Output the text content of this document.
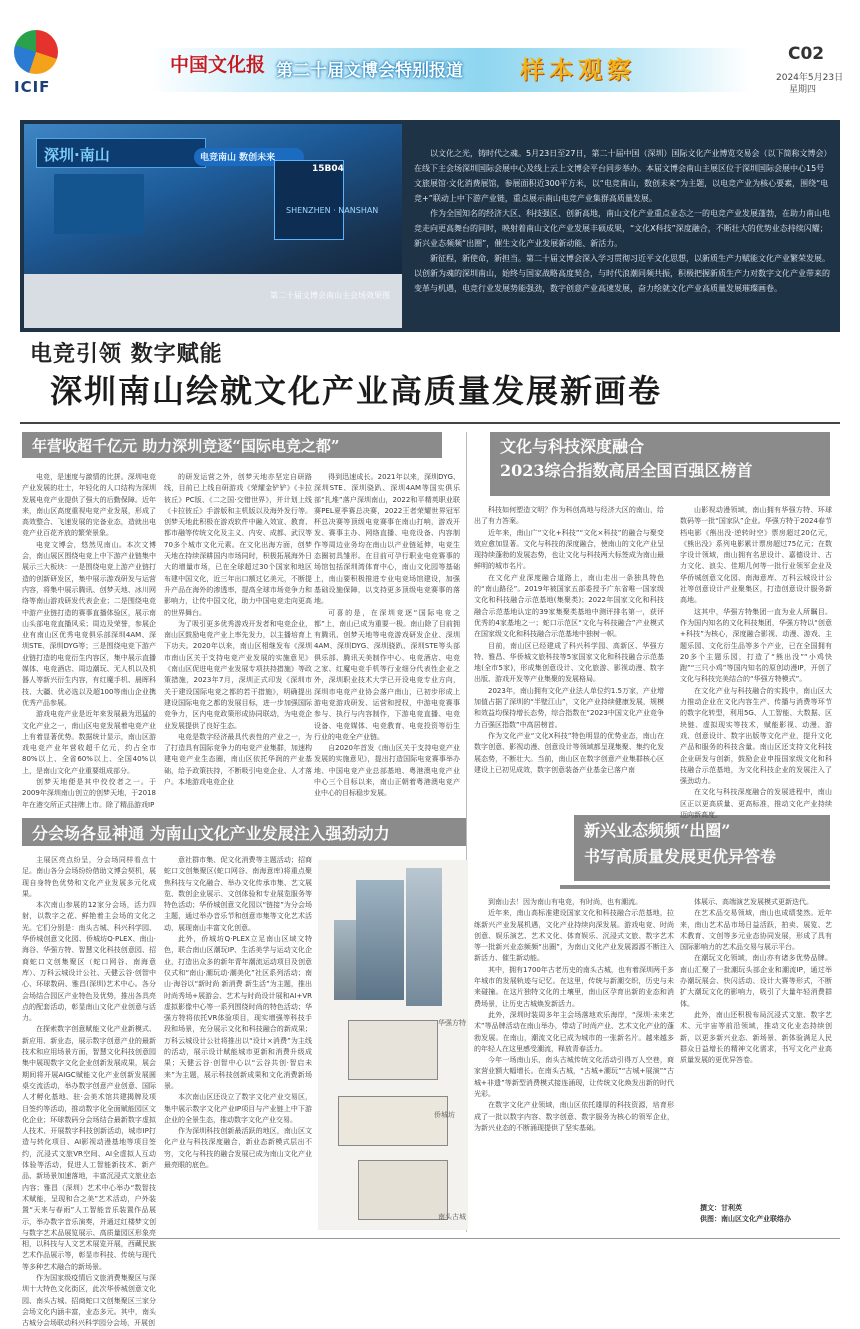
ICIF
中国文化报 第二十届文博会特别报道 样本观察
C02
2024年5月23日
星期四
深圳·南山	电竞南山 数创未来
15B04
SHENZHEN · NANSHAN
第二十届文博会南山主会场效果图

以文化之光，铸时代之魂。5月23日至27日，第二十届中国（深圳）国际文化产业博览交易会（以下简称文博会）在线下主会场深圳国际会展中心及线上云上文博会平台同步举办。本届文博会南山主展区位于深圳国际会展中心15号文旅展馆·文化消费展馆，参展面积近300平方米，以“电竞南山，数创未来”为主题，以电竞产业为核心要素，围绕“电竞+”联动上中下游产业链，重点展示南山电竞产业集群高质量发展。

作为全国知名的经济大区、科技强区、创新高地，南山文化产业重点业态之一的电竞产业发展蓬勃，在助力南山电竞走向更高舞台的同时，映射着南山文化产业发展丰硕成果，“文化X科技”深度融合，不断壮大的优势业态持续闪耀；新兴业态频频“出圈”，催生文化产业发展新动能、新活力。

新征程，新使命，新担当。第二十届文博会深入学习贯彻习近平文化思想，以新质生产力赋能文化产业繁荣发展。以创新为魂的深圳南山，始终与国家战略高度契合，与时代浪潮同频共振，积极把握新质生产力对数字文化产业带来的变革与机遇，电竞行业发展势能强劲，数字创意产业高速发展，奋力绘就文化产业高质量发展璀璨画卷。

电竞引领 数字赋能
深圳南山绘就文化产业高质量发展新画卷
年营收超千亿元 助力深圳竞逐“国际电竞之都”
分会场各显神通 为南山文化产业发展注入强劲动力
文化与科技深度融合
2023综合指数高居全国百强区榜首
新兴业态频频“出圈”
书写高质量发展更优异答卷

电竞，是速度与激情的比拼。深圳电竞产业发展的壮士，年轻化的人口结构为深圳发展电竞产业提供了强大的后勤保障。近年来，南山区高度重视电竞产业发展，形成了高效整合、飞速发展的完备业态，造就出电竞产业百花齐放的繁荣景象。

电竞文博会，悠然见南山。本次文博会，南山展区围绕电竞上中下游产业链集中展示三大板块：一是围绕电竞上游产业链打造的创新研发区，集中展示游戏研发与运营内容，将集中展示腾讯、创梦天地、冰川网络等南山游戏研发代表企业；二是围绕电竞中游产业链打造的赛事直播体验区，展示南山头部电竞直播风采；周边及荣誉，参展企业有南山区优秀电竞俱乐部深圳4AM、深圳STE、深圳DYG等；三是围绕电竞下游产业链打造的电竞衍生内容区，集中展示直播媒体、电竞酒店、周边潮玩、无人机以及机器人等新兴衍生内容，有红魔手机、晨晖科技、大疆、优必选以及超100等南山企业携优秀产品参展。

游戏电竞产业是近年来发展最为迅猛的文化产业之一，南山区电竞发展着电竞产业上有着显著优势。数据统计显示，南山区游戏电竞产业年营收超千亿元，约占全市80%以上、全省60%以上、全国40%以上，是南山文化产业重要组成部分。

创梦天地便是其中佼佼者之一。于2009年深圳南山创立的创梦天地，于2018年在港交所正式挂牌上市。除了精品游戏IP

的研发运营之外，创梦天地亦坚定自研路线，目前已上线自研游戏《荣耀金铲铲》《卡拉彼丘》PC版、《二之国·交错世界》，并计划上线《卡拉彼丘》手游版和主机版以及海外发行等。创梦天地此积极在游戏软件中融入效宣、教育、都市融等传统文化及主义、内安、成都、武汉等70多个城市文化元素。在文化出海方面，创梦天地在持续深耕国内市场同时，积极拓展海外日大的增量市场，已在全球超过30个国家和地区布建中国文化，近三年出口额过亿美元，不断提升产品在海外的渗透率，提高全球市场竞争力和影响力，让传中国文化，助力中国电竞走向更高的世界舞台。

为了吸引更多优秀游戏开发者和电竞企业，南山区鼓励电竞产业上率先发力，以主播培育上下功夫。2020年以来，南山区相继发布《深圳市南山区关于支持电竞产业发展的实施意见》《南山区促进电竞产业发展专项扶持措施》等政策措施，2023年7月，深圳正式印发《深圳市关于建设国际电竞之都的若干措施》，明确提出建设国际电竞之都的发展目标，进一步加强国际竞争力，区内电竞政策形成协同联动，为电竞企业发展提供了良好生态。

电竞是数字经济最具代表性的产业之一，为了打造具有国际竞争力的电竞产业集群，加速构建电竞产业生态圈，南山区依托华润的产业基础，给予政策扶持，不断吸引电竞企业、人才落户。本地游戏电竞企业

得到迅速成长。2021年以来，深圳DYG、深圳STE、深圳骁趴、深圳4AM等国实俱乐部“扎堆”落户深圳南山，2022和平精英职业联赛PEL夏季赛总决赛，2022王者荣耀世界冠军杯总决赛等顶级电竞赛事在南山打响，游戏开发、赛事主办、网络直播、电竞设备、内容制作等周边业务均在南山以产业链延伸，电竞生态圈初具雏形。在目前可孕行职业电竞赛事的场馆包括深圳湾体育中心，南山文化园等基础上，南山要积极推进专业电竞场馆建设，加强基础设施保障，以支持更多顶级电竞赛事的落地。

可喜的是，在深圳竞逐“国际电竞之都”上，南山已成为重要一极。南山除了目前拥有腾讯、创梦天地等电竞游戏研发企业、深圳4AM、深圳DYG、深圳骁趴、深圳STE等头部俱乐部、腾讯天美制作中心、电竞酒店、电竞之家、红魔电竞手机等行业细分代表性企业之外，深圳职业技术大学已开设电竞专业方向，深圳市电竞产业协会落户南山，已初步形成上游电竞游戏研发、运营和授权，中游电竞赛事参与、执行与内容制作，下游电竞直播、电竞设备、电竞媒体、电竞教育、电竞投资等衍生行业的电竞全产业链。

自2020年首发《南山区关于支持电竞产业发展的实施意见》，提出打造国际电竞赛事举办地、中国电竞产业总部基地、粤港澳电竞产业中心三个目标以来，南山正朝着粤港澳电竞产业中心的目标稳步发展。

主展区亮点纷呈，分会场同样看点十足。南山各分会场纷纷借助文博会契机，展现自身特色优势和文化产业发展多元化成果。

本次南山参展的12家分会场，活力四射，以数字之花、鲜艳着主会场的文化之光。它们分别是：南头古城、科兴科学园、华侨城创意文化园、侨城坊Q·PLEX、南山·海谷、华强方特、智慧文化科技创意园、招商蛇口文创集聚区（蛇口网谷、南海意库）、万科云城设计公社、天健云谷·创智中心、环球数码、雅昌(深圳)艺术中心。各分会场结合园区产业特色及优势，推出各具亮点的配套活动，彰显南山文化产业创意与活力。

在探索数字创意赋能文化产业新模式、新应用、新业态，展示数字创意产业的最新技术和应用场景方面，智慧文化科技创意园集中展现数字文化企业创新发展成果，展会期间将开展AIGC赋能文化产业创新发展圆桌交流活动，举办数字创意产业创意、国际人才孵化基地、驻·会美术馆共建揭牌及项目签约等活动，推动数字化全面赋能园区文化企业；环球数码分会场结合最新数字虚拟人技术、开展数字科技创新活动，城市IP打造与转化项目、AI影视动漫基地等项目签约，沉浸式文旅VR空间、AI全虚拟人互动体验等活动，促进人工智能新技术、新产品、新场景加速落地，丰富沉浸式文旅业态内容；雅昌（深圳）艺术中心举办“数智技术赋能，呈现和合之美”艺术活动，户外装置“天来与春雨”人工智能音乐装置作品展示，举办数字音乐演奏，并通过红楼梦文创与数字艺术品展览展示、高质量园区形象亮相，以科技与人文艺术展览开展，西藏民族艺术作品展示等，彰显市科技、传统与现代等多种艺术融合的新场景。

作为国家级疫情后文旅消费集聚区与深圳十大特色文化街区，此次华侨城创意文化园、南头古城、招商蛇口文创集聚区三家分会场文化内涵丰富，业态多元。其中，南头古城分会场联动科兴科学园分会场，开展创

意社群市集、促文化消费等主题活动；招商蛇口文创集聚区(蛇口网谷、南海意库)将重点聚焦科技与文化融合、举办文化传承市集、艺文展览、数创企业展示、文创体验和专业展览服务等特色活动；华侨城创意文化园以“链接”为分会场主题，通过举办音乐节和创意市集等文化艺术活动，展现南山丰富文化创意。

此外，侨城坊Q·PLEX立足南山区域文特色，联合南山区潮玩IP、生活美学与运动文化企业，打造出众多的新年青年潮流运动项目及创意仪式和“南山·潮玩动·潮美化”社区系列活动；南山·海谷以“新时尚 新消费 新生活”为主题，推出时尚秀场+展游会、艺术与时尚设计展和AI+VR虚拟影像中心等一系列围绕时尚的特色活动；华强方特将依托VR体验项目，现实增强等科技手段和场景，充分展示文化和科技融合的新成果；万科云城设计公社将推出以“设计×消费”为主线的活动，展示设计赋能城市更新和消费升级成果；天健云谷·创智中心以“云谷共创·智启未来”为主题，展示科技创新成果和文化消费新场景。

本次南山区还设立了数字文化产业交易区，集中展示数字文化产业IP项目与产业链上中下游企业的全景生态，推动数字文化产业交易。

作为深圳科技创新最活跃的地区，南山区文化产业与科技深度融合，新业态新模式层出不穷，文化与科技的融合发展已成为南山文化产业最亮眼的底色。

科技如何塑造文明？作为科创高地与经济大区的南山，给出了有力答案。

近年来，南山广“文化+科技”“文化×科技”的融合与聚变效应愈加显著。文化与科技的深度融合，使南山的文化产业呈现持续蓬勃的发展态势，也让文化与科技两大标签成为南山最鲜明的城市名片。

在文化产业深度融合道路上，南山走出一条独具特色的“南山路径”。2019年被国家五部委授予广东省唯一国家级文化和科技融合示范基地(集聚类)；2022年国家文化和科技融合示范基地认定的39家集聚类基地中测评排名第一，获评优秀的4家基地之一；蛇口示范区“文化与科技融合”产业模式在国家级文化和科技融合示范基地中独树一帜。

目前，南山区已经建成了科兴科学园、高新区、华强方特、雅昌、华侨城文旅科技等5家国家文化和科技融合示范基地(全市5家)，形成集创意设计、文化旅游、影视动漫、数字出版、游戏开发等产业集聚的发展格局。

2023年，南山拥有文化产业法人单位约1.5万家，产业增加值占据了深圳的“半壁江山”，文化产业持续健康发展，规模和效益均保持增长态势，综合指数在“2023中国文化产业竞争力百强区指数”中高居榜首。

作为文化产业“文化X科技”特色明显的优势业态，南山在数字创意、影视动漫、创意设计等领域都呈现集聚、集约化发展态势，不断壮大。当前，南山区在数字创意产业集群核心区建设上已初见成效，数字创意装备产业基金已落户南

山影视动漫领域，南山拥有华强方特、环球数码等一批“国家队”企业。华强方特于2024春节档电影《熊出没·逆转时空》票房超过20亿元，《熊出没》系列电影累计票房超过75亿元；在数字设计领域，南山拥有名思设计、嘉德设计、古力文化、浪尖、佳期几何等一批行业领军企业及华侨城创意文化园、南海意库、万科云城设计公社等创意设计产业聚集区，打造创意设计服务新高地。

这其中，华强方特集团一直为业人所瞩目。作为国内知名的文化科技集团，华强方特以“创意+科技”为核心，深度融合影视、动漫、游戏、主题乐园、文化衍生品等多个产业，已在全国拥有20多个主题乐园，打造了“熊出没”“小鸡快跑”“三只小鸡”等国内知名的原创动漫IP，开创了文化与科技完美结合的“华强方特模式”。

在文化产业与科技融合的实践中，南山区大力推动企业在文化内容生产、传播与消费等环节的数字化转型，利用5G、人工智能、大数据、区块链、虚拟现实等技术，赋能影视、动漫、游戏、创意设计、数字出版等文化产业，提升文化产品和服务的科技含量。南山区还支持文化科技企业研发与创新，鼓励企业申报国家级文化和科技融合示范基地，为文化科技企业的发展注入了强劲动力。

在文化与科技深度融合的发展进程中，南山区正以更高质量、更高标准，推动文化产业持续迈向新高度。

到南山去！因为南山有电竞，有时尚，也有潮流。

近年来，南山高标准建设国家文化和科技融合示范基地，拉练新兴产业发展机遇，文化产业持续向深发展。游戏电竞、时尚创意、娱乐演艺、艺术文化、体育娱乐、沉浸式文旅、数字艺术等一批新兴业态频频“出圈”，为南山文化产业发展源源不断注入新活力、催生新动能。

其中，拥有1700年古老历史的南头古城，也有着深圳两千多年城市的发展轨迹与记忆。在这里，传统与新潮交织，历史与未来碰撞。在这片独特文化的土壤里，南山区孕育出新的业态和消费场景，让历史古城焕发新活力。

此外，深圳时装周多年主会场落地欢乐海岸，“深圳·未来艺术”等品牌活动在南山举办，带动了时尚产业、艺术文化产业的蓬勃发展。在南山，潮流文化已成为城市的一张新名片。越来越多的年轻人在这里感受潮流，释放青春活力。

今年一场南山乐，南头古城传统文化活动引得万人空巷，商家营业额大幅增长。在南头古城，“古城+潮玩”“古城+展演”“古城+非遗”等新型消费模式接连涌现，让传统文化焕发出新的时代光彩。

在数字文化产业领域，南山区依托雄厚的科技资源，培育形成了一批以数字内容、数字创意、数字服务为核心的领军企业，为新兴业态的不断涌现提供了坚实基础。

体展示、高端演艺发展模式更新迭代。

在艺术品交易领域，南山也成绩斐然。近年来，南山艺术品市场日益活跃，拍卖、展览、艺术教育、文创等多元业态协同发展，形成了具有国际影响力的艺术品交易与展示平台。

在潮玩文化领域，南山亦有诸多优势品牌。南山汇聚了一批潮玩头部企业和潮流IP，通过举办潮玩展会、快闪活动、设计大赛等形式，不断扩大潮玩文化的影响力，吸引了大量年轻消费群体。

此外，南山还积极布局沉浸式文旅、数字艺术、元宇宙等前沿领域，推动文化业态持续创新，以更多新兴业态、新场景、新体验满足人民群众日益增长的精神文化需求，书写文化产业高质量发展的更优异答卷。

华强方特
侨城坊
南头古城
撰文：甘利英
供图：南山区文化产业联络办
